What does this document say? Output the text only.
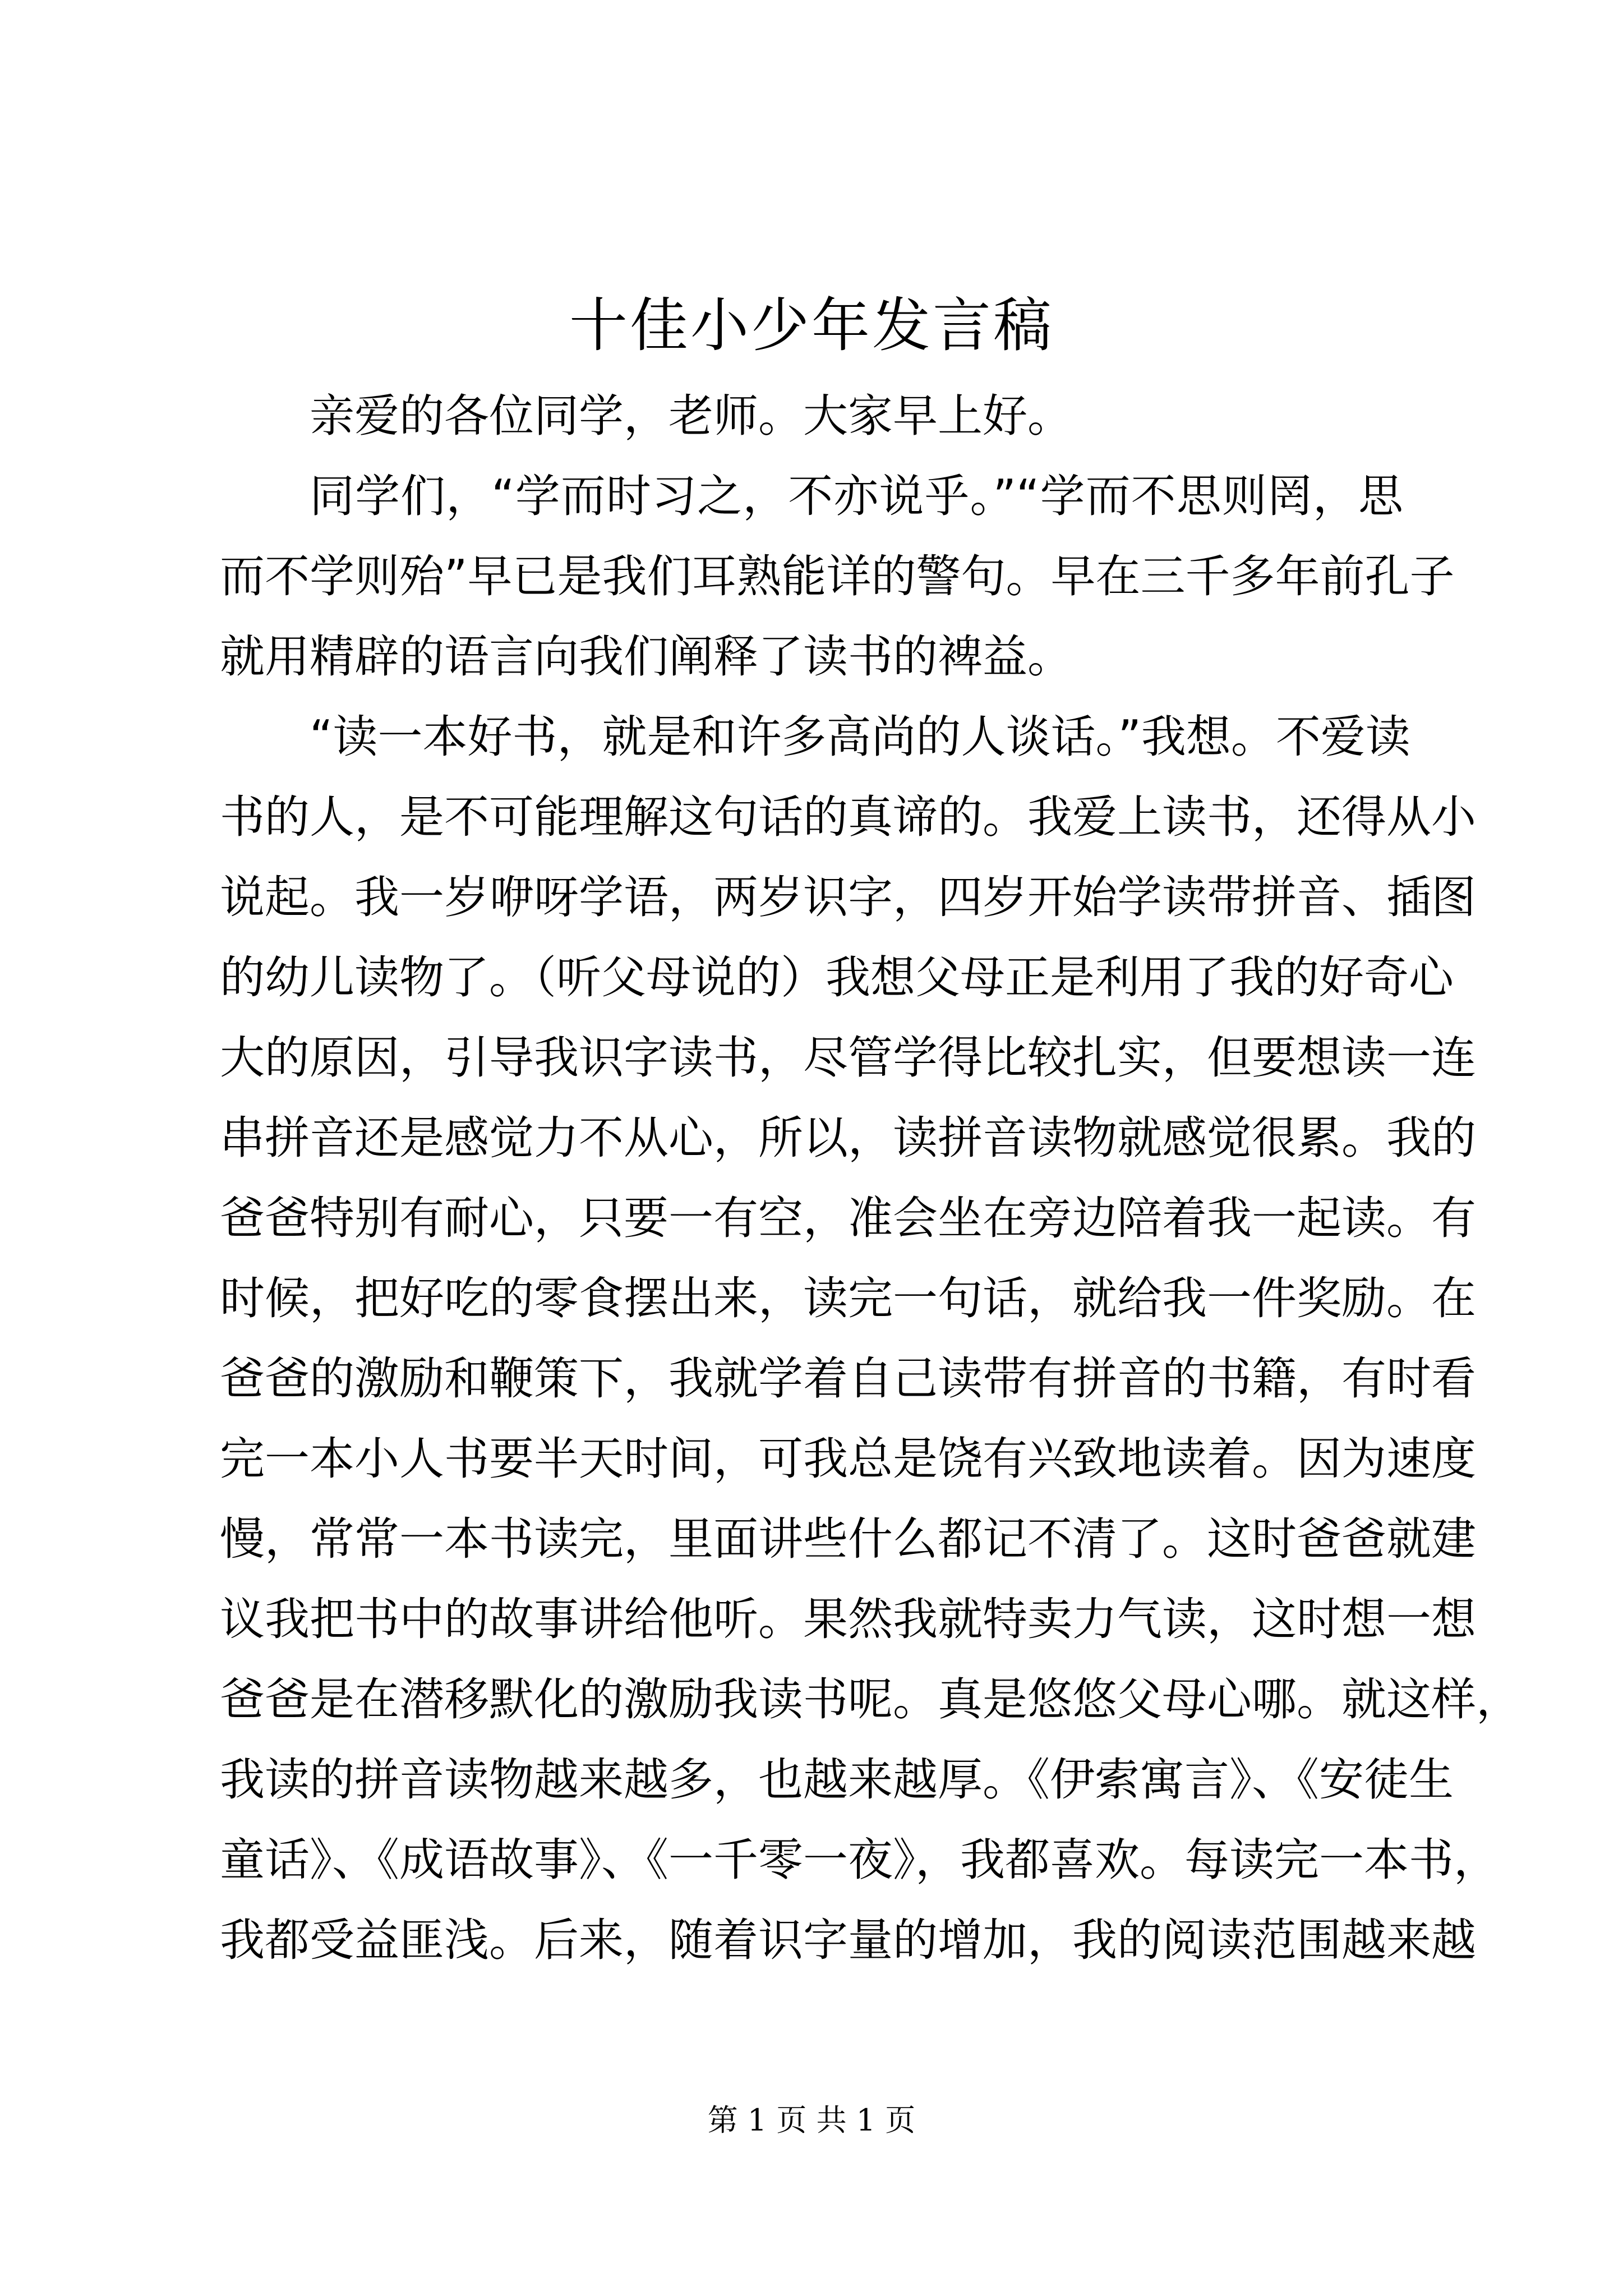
十佳小少年发言稿
亲爱的各位同学，老师。大家早上好。
同学们，“学而时习之，不亦说乎。”“学而不思则罔，思
而不学则殆”早已是我们耳熟能详的警句。早在三千多年前孔子
就用精辟的语言向我们阐释了读书的裨益。
“读一本好书，就是和许多高尚的人谈话。”我想。不爱读
书的人，是不可能理解这句话的真谛的。我爱上读书，还得从小
说起。我一岁咿呀学语，两岁识字，四岁开始学读带拼音、插图
的幼儿读物了。（听父母说的）我想父母正是利用了我的好奇心
大的原因，引导我识字读书，尽管学得比较扎实，但要想读一连
串拼音还是感觉力不从心，所以，读拼音读物就感觉很累。我的
爸爸特别有耐心，只要一有空，准会坐在旁边陪着我一起读。有
时候，把好吃的零食摆出来，读完一句话，就给我一件奖励。在
爸爸的激励和鞭策下，我就学着自己读带有拼音的书籍，有时看
完一本小人书要半天时间，可我总是饶有兴致地读着。因为速度
慢，常常一本书读完，里面讲些什么都记不清了。这时爸爸就建
议我把书中的故事讲给他听。果然我就特卖力气读，这时想一想
爸爸是在潜移默化的激励我读书呢。真是悠悠父母心哪。就这样，
我读的拼音读物越来越多，也越来越厚。《伊索寓言》、《安徒生
童话》、《成语故事》、《一千零一夜》，我都喜欢。每读完一本书，
我都受益匪浅。后来，随着识字量的增加，我的阅读范围越来越
第 1 页 共 1 页
